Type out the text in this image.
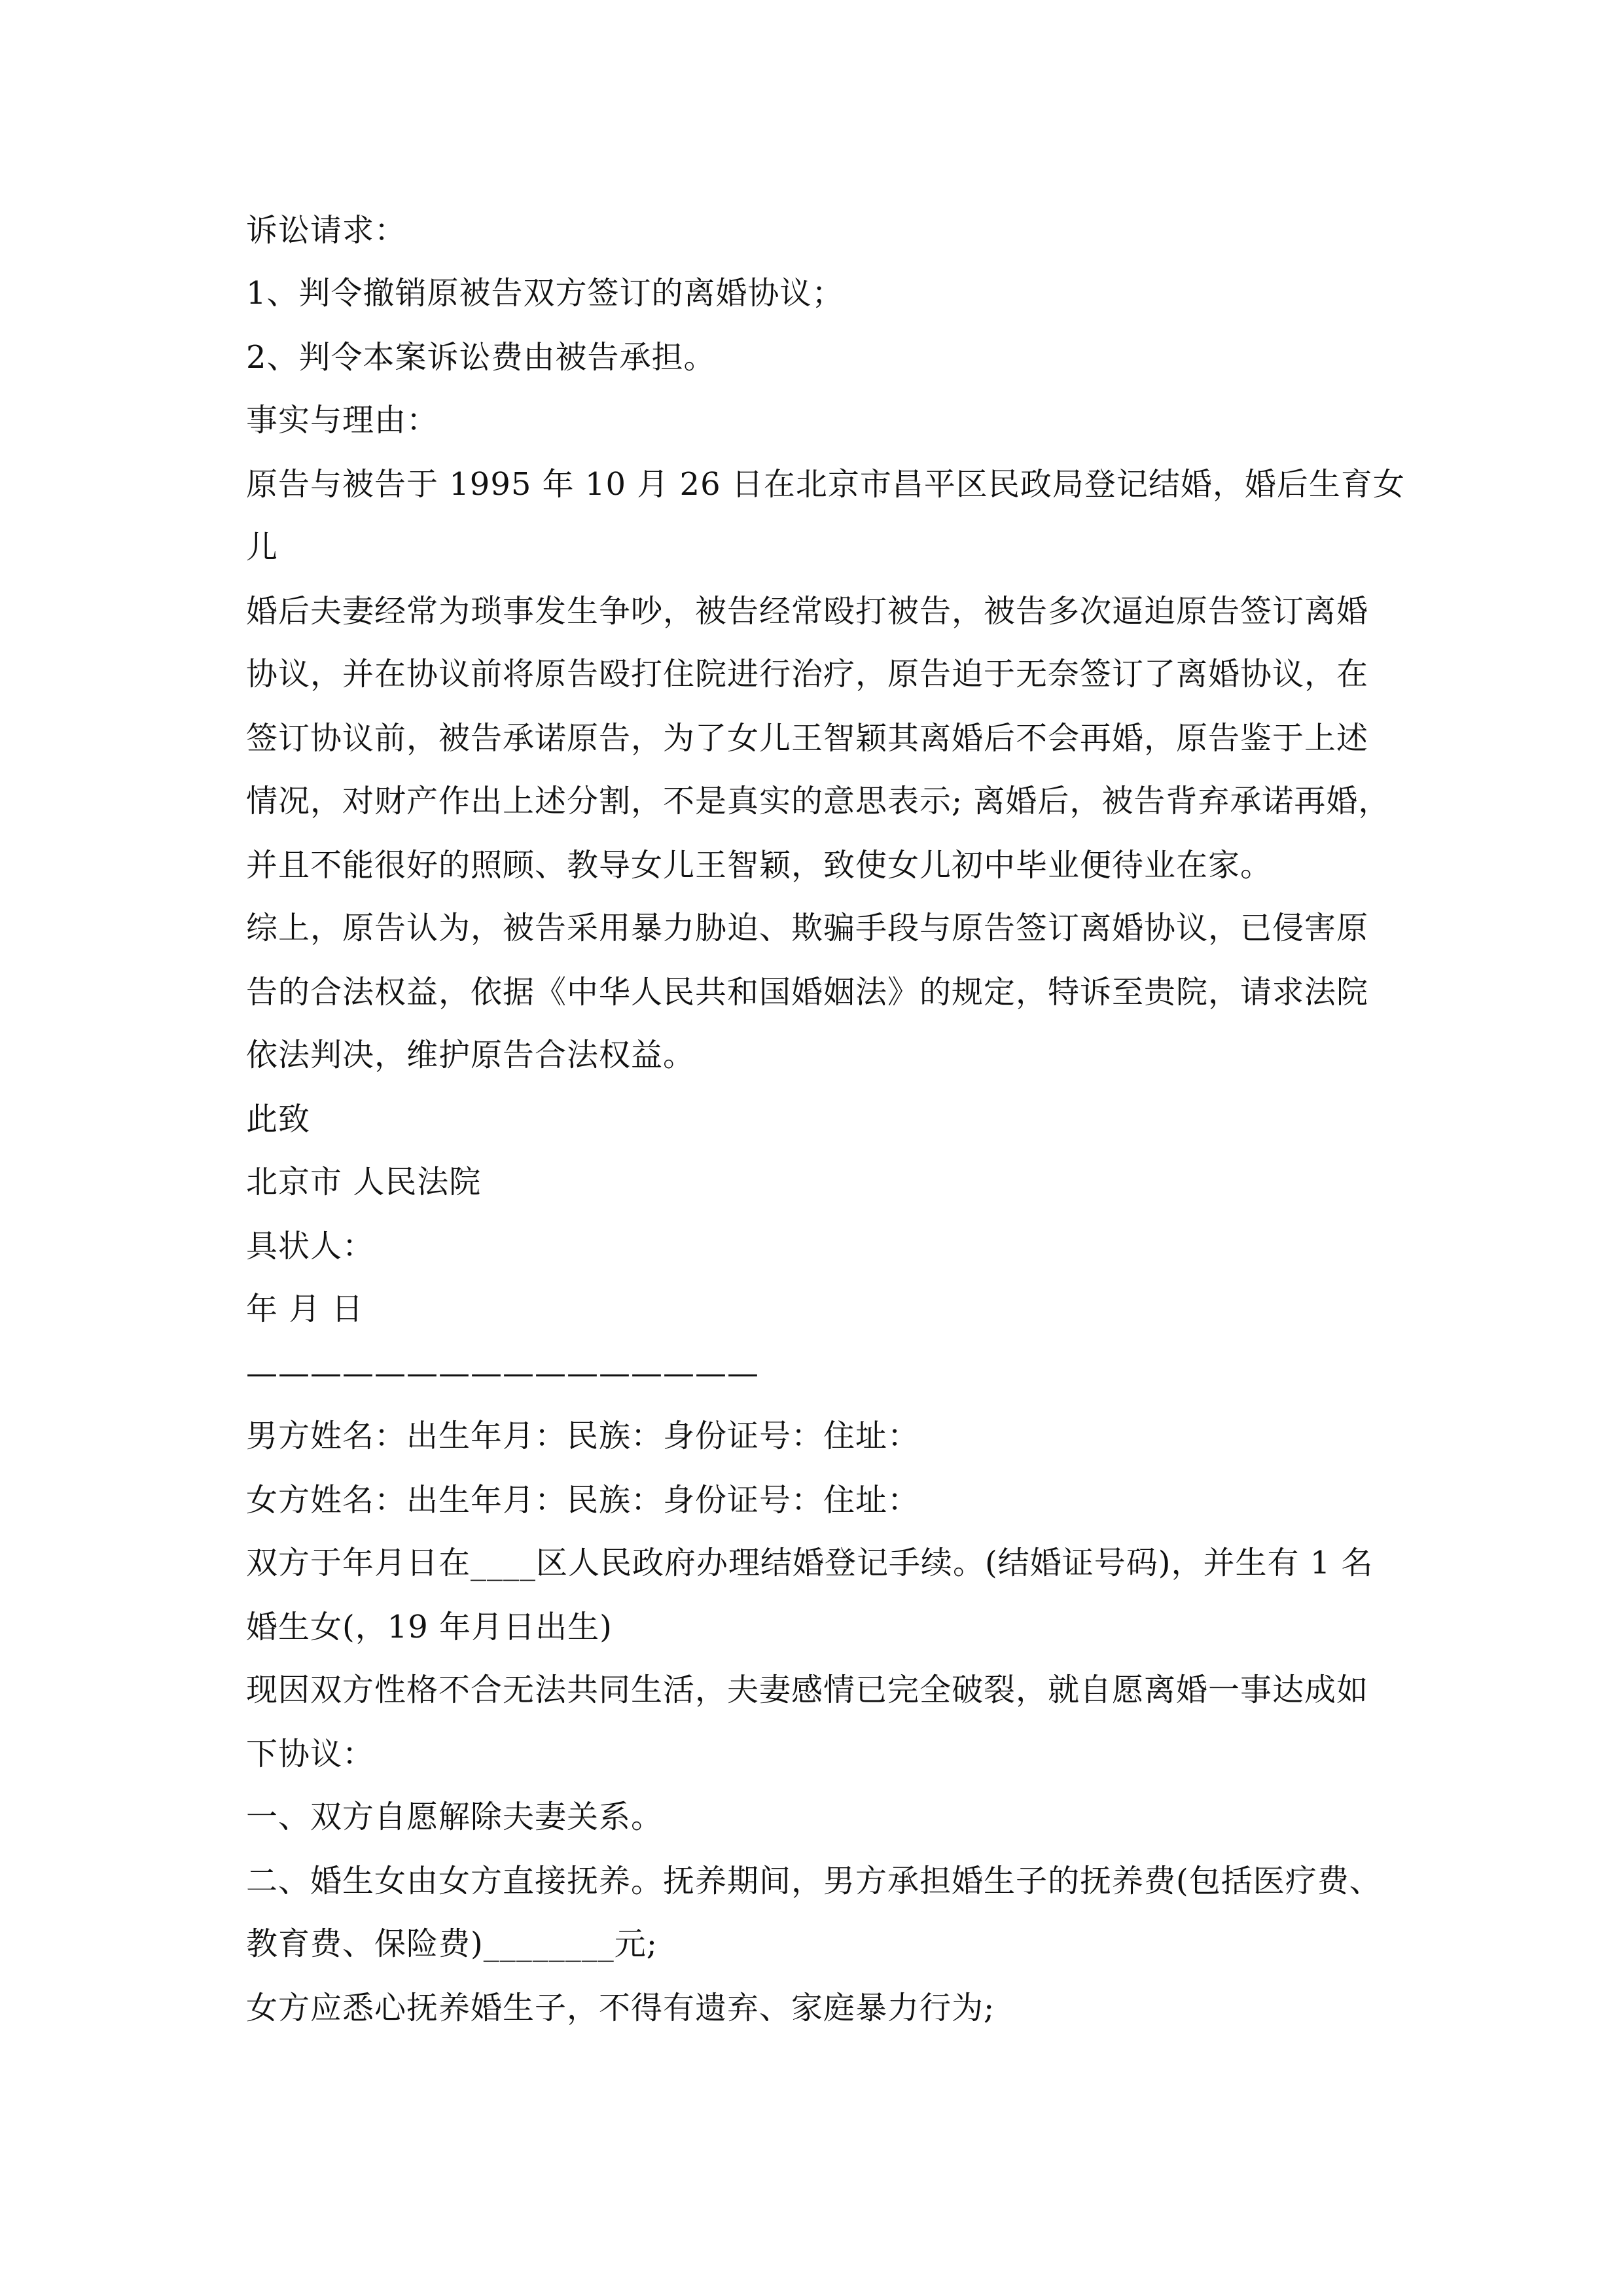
诉讼请求：
1、判令撤销原被告双方签订的离婚协议；
2、判令本案诉讼费由被告承担。
事实与理由：
原告与被告于 1995 年 10 月 26 日在北京市昌平区民政局登记结婚，婚后生育女
儿
婚后夫妻经常为琐事发生争吵，被告经常殴打被告，被告多次逼迫原告签订离婚
协议，并在协议前将原告殴打住院进行治疗，原告迫于无奈签订了离婚协议，在
签订协议前，被告承诺原告，为了女儿王智颖其离婚后不会再婚，原告鉴于上述
情况，对财产作出上述分割，不是真实的意思表示; 离婚后，被告背弃承诺再婚，
并且不能很好的照顾、教导女儿王智颖，致使女儿初中毕业便待业在家。
综上，原告认为，被告采用暴力胁迫、欺骗手段与原告签订离婚协议，已侵害原
告的合法权益，依据《中华人民共和国婚姻法》的规定，特诉至贵院，请求法院
依法判决，维护原告合法权益。
此致
北京市 人民法院
具状人：
年 月 日
————————————————
男方姓名：出生年月：民族：身份证号：住址：
女方姓名：出生年月：民族：身份证号：住址：
双方于年月日在____区人民政府办理结婚登记手续。(结婚证号码)，并生有 1 名
婚生女(，19 年月日出生)
现因双方性格不合无法共同生活，夫妻感情已完全破裂，就自愿离婚一事达成如
下协议：
一、双方自愿解除夫妻关系。
二、婚生女由女方直接抚养。抚养期间，男方承担婚生子的抚养费(包括医疗费、
教育费、保险费)________元;
女方应悉心抚养婚生子，不得有遗弃、家庭暴力行为;
